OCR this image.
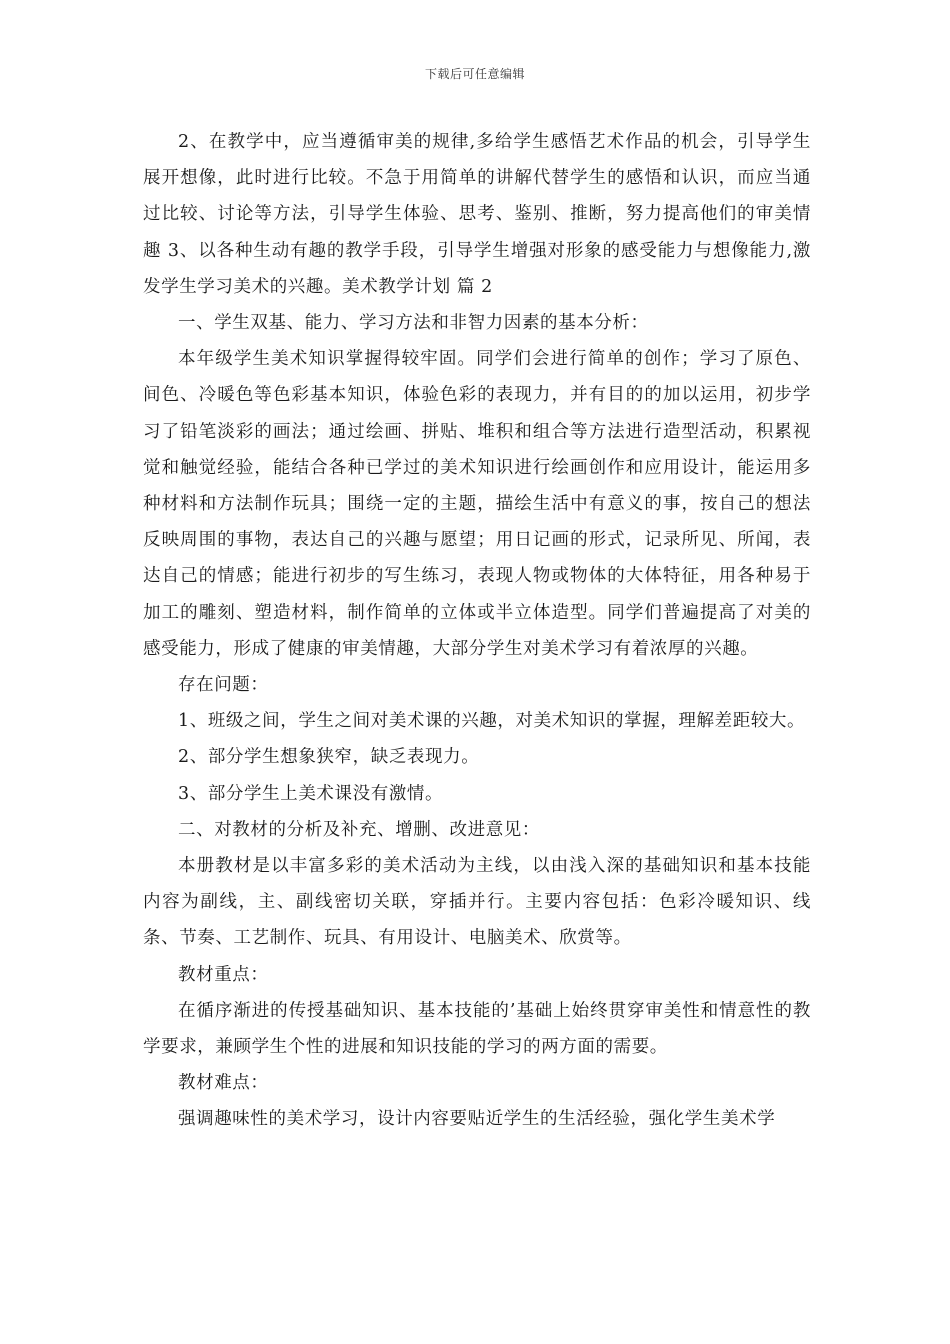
下载后可任意编辑

2、在教学中，应当遵循审美的规律,多给学生感悟艺术作品的机会，引导学生展开想像，此时进行比较。不急于用简单的讲解代替学生的感悟和认识，而应当通过比较、讨论等方法，引导学生体验、思考、鉴别、推断，努力提高他们的审美情趣 3、以各种生动有趣的教学手段，引导学生增强对形象的感受能力与想像能力,激发学生学习美术的兴趣。美术教学计划 篇 2

一、学生双基、能力、学习方法和非智力因素的基本分析：

本年级学生美术知识掌握得较牢固。同学们会进行简单的创作；学习了原色、间色、冷暖色等色彩基本知识，体验色彩的表现力，并有目的的加以运用，初步学习了铅笔淡彩的画法；通过绘画、拼贴、堆积和组合等方法进行造型活动，积累视觉和触觉经验，能结合各种已学过的美术知识进行绘画创作和应用设计，能运用多种材料和方法制作玩具；围绕一定的主题，描绘生活中有意义的事，按自己的想法反映周围的事物，表达自己的兴趣与愿望；用日记画的形式，记录所见、所闻，表达自己的情感；能进行初步的写生练习，表现人物或物体的大体特征，用各种易于加工的雕刻、塑造材料，制作简单的立体或半立体造型。同学们普遍提高了对美的感受能力，形成了健康的审美情趣，大部分学生对美术学习有着浓厚的兴趣。

存在问题：

1、班级之间，学生之间对美术课的兴趣，对美术知识的掌握，理解差距较大。

2、部分学生想象狭窄，缺乏表现力。

3、部分学生上美术课没有激情。

二、对教材的分析及补充、增删、改进意见：

本册教材是以丰富多彩的美术活动为主线，以由浅入深的基础知识和基本技能内容为副线，主、副线密切关联，穿插并行。主要内容包括：色彩冷暖知识、线条、节奏、工艺制作、玩具、有用设计、电脑美术、欣赏等。

教材重点：

在循序渐进的传授基础知识、基本技能的’基础上始终贯穿审美性和情意性的教学要求，兼顾学生个性的进展和知识技能的学习的两方面的需要。

教材难点：

强调趣味性的美术学习，设计内容要贴近学生的生活经验，强化学生美术学
